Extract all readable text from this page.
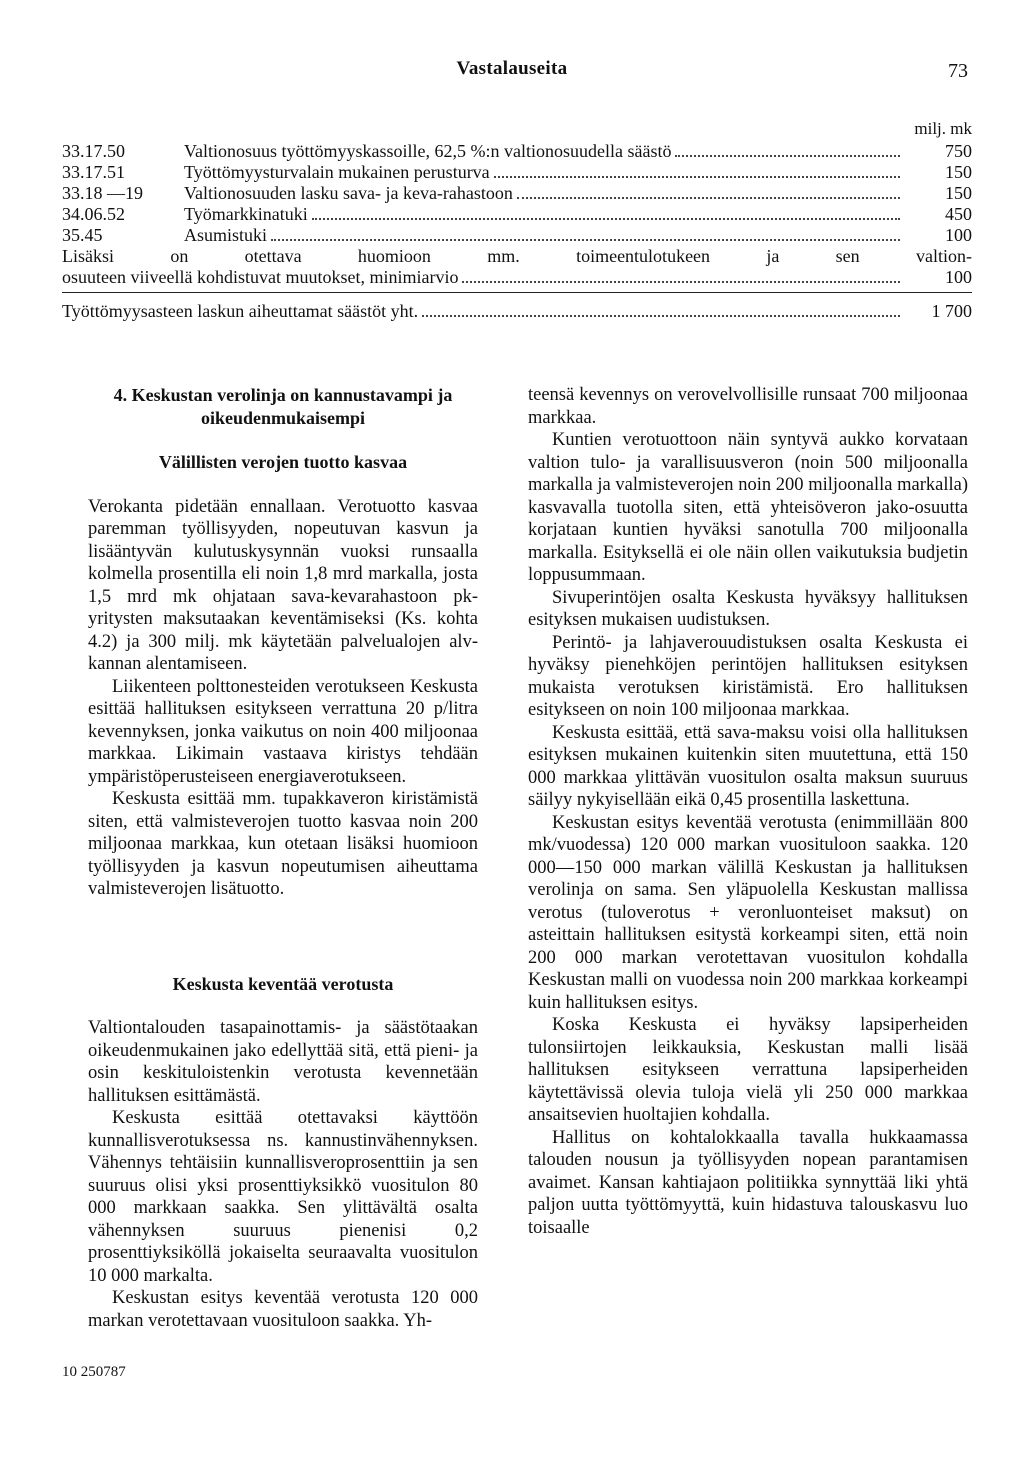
Vastalauseita	73
milj. mk
33.17.50	Valtionosuus työttömyyskassoille, 62,5 %:n valtionosuudella säästö	750
33.17.51	Työttömyysturvalain mukainen perusturva	150
33.18 —19	Valtionosuuden lasku sava- ja keva-rahastoon	150
34.06.52	Työmarkkinatuki	450
35.45	Asumistuki	100
Lisäksi	on	otettava	huomioon	mm.	toimeentulotukeen	ja	sen	valtion-
osuuteen viiveellä kohdistuvat muutokset, minimiarvio	100
Työttömyysasteen laskun aiheuttamat säästöt yht.	1 700

4. Keskustan verolinja on kannustavampi ja oikeudenmukaisempi

Välillisten verojen tuotto kasvaa

Verokanta pidetään ennallaan. Verotuotto kasvaa paremman työllisyyden, nopeutuvan kasvun ja lisääntyvän kulutuskysynnän vuoksi runsaalla kolmella prosentilla eli noin 1,8 mrd markalla, josta 1,5 mrd mk ohjataan sava-kevarahastoon pk-yritysten maksutaakan keventämiseksi (Ks. kohta 4.2) ja 300 milj. mk käytetään palvelualojen alv-kannan alentamiseen.

Liikenteen polttonesteiden verotukseen Keskusta esittää hallituksen esitykseen verrattuna 20 p/litra kevennyksen, jonka vaikutus on noin 400 miljoonaa markkaa. Likimain vastaava kiristys tehdään ympäristöperusteiseen energiaverotukseen.

Keskusta esittää mm. tupakkaveron kiristämistä siten, että valmisteverojen tuotto kasvaa noin 200 miljoonaa markkaa, kun otetaan lisäksi huomioon työllisyyden ja kasvun nopeutumisen aiheuttama valmisteverojen lisätuotto.

Keskusta keventää verotusta

Valtiontalouden tasapainottamis- ja säästötaakan oikeudenmukainen jako edellyttää sitä, että pieni- ja osin keskituloistenkin verotusta kevennetään hallituksen esittämästä.

Keskusta esittää otettavaksi käyttöön kunnallisverotuksessa ns. kannustinvähennyksen. Vähennys tehtäisiin kunnallisveroprosenttiin ja sen suuruus olisi yksi prosenttiyksikkö vuositulon 80 000 markkaan saakka. Sen ylittävältä osalta vähennyksen suuruus pienenisi 0,2 prosenttiyksiköllä jokaiselta seuraavalta vuositulon 10 000 markalta.

Keskustan esitys keventää verotusta 120 000 markan verotettavaan vuosituloon saakka. Yh-

teensä kevennys on verovelvollisille runsaat 700 miljoonaa markkaa.

Kuntien verotuottoon näin syntyvä aukko korvataan valtion tulo- ja varallisuusveron (noin 500 miljoonalla markalla ja valmisteverojen noin 200 miljoonalla markalla) kasvavalla tuotolla siten, että yhteisöveron jako-osuutta korjataan kuntien hyväksi sanotulla 700 miljoonalla markalla. Esityksellä ei ole näin ollen vaikutuksia budjetin loppusummaan.

Sivuperintöjen osalta Keskusta hyväksyy hallituksen esityksen mukaisen uudistuksen.

Perintö- ja lahjaverouudistuksen osalta Keskusta ei hyväksy pienehköjen perintöjen hallituksen esityksen mukaista verotuksen kiristämistä. Ero hallituksen esitykseen on noin 100 miljoonaa markkaa.

Keskusta esittää, että sava-maksu voisi olla hallituksen esityksen mukainen kuitenkin siten muutettuna, että 150 000 markkaa ylittävän vuositulon osalta maksun suuruus säilyy nykyisellään eikä 0,45 prosentilla laskettuna.

Keskustan esitys keventää verotusta (enimmillään 800 mk/vuodessa) 120 000 markan vuosituloon saakka. 120 000—150 000 markan välillä Keskustan ja hallituksen verolinja on sama. Sen yläpuolella Keskustan mallissa verotus (tuloverotus + veronluonteiset maksut) on asteittain hallituksen esitystä korkeampi siten, että noin 200 000 markan verotettavan vuositulon kohdalla Keskustan malli on vuodessa noin 200 markkaa korkeampi kuin hallituksen esitys.

Koska Keskusta ei hyväksy lapsiperheiden tulonsiirtojen leikkauksia, Keskustan malli lisää hallituksen esitykseen verrattuna lapsiperheiden käytettävissä olevia tuloja vielä yli 250 000 markkaa ansaitsevien huoltajien kohdalla.

Hallitus on kohtalokkaalla tavalla hukkaamassa talouden nousun ja työllisyyden nopean parantamisen avaimet. Kansan kahtiajaon politiikka synnyttää liki yhtä paljon uutta työttömyyttä, kuin hidastuva talouskasvu luo toisaalle

10 250787
